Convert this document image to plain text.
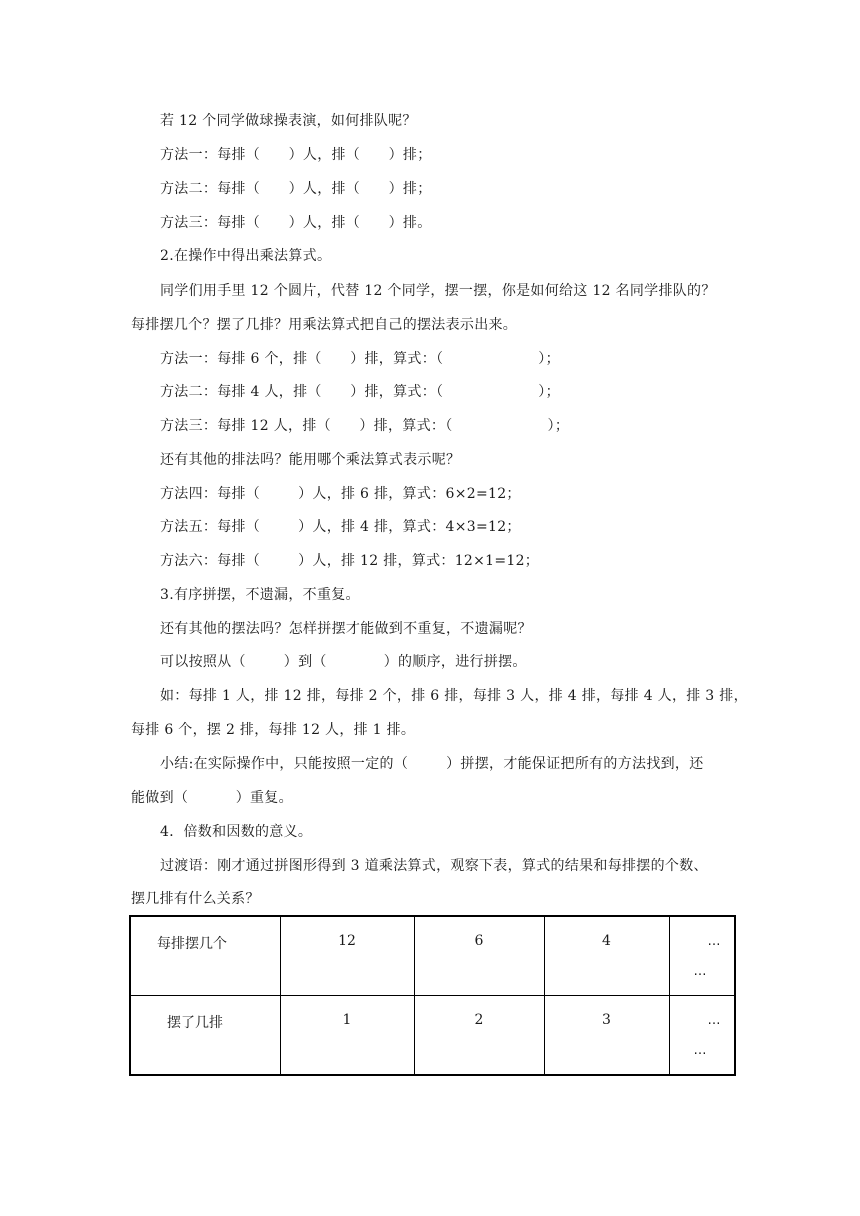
若 12 个同学做球操表演，如何排队呢？
方法一：每排（      ）人，排（      ）排；
方法二：每排（      ）人，排（      ）排；
方法三：每排（      ）人，排（      ）排。
2.在操作中得出乘法算式。
同学们用手里 12 个圆片，代替 12 个同学，摆一摆，你是如何给这 12 名同学排队的？
每排摆几个？摆了几排？用乘法算式把自己的摆法表示出来。
方法一：每排 6 个，排（      ）排，算式：（                    ）；
方法二：每排 4 人，排（      ）排，算式：（                    ）；
方法三：每排 12 人，排（      ）排，算式：（                    ）；
还有其他的排法吗？能用哪个乘法算式表示呢？
方法四：每排（        ）人，排 6 排，算式：6×2=12；
方法五：每排（        ）人，排 4 排，算式：4×3=12；
方法六：每排（        ）人，排 12 排，算式：12×1=12；
3.有序拼摆，不遗漏，不重复。
还有其他的摆法吗？怎样拼摆才能做到不重复，不遗漏呢？
可以按照从（        ）到（            ）的顺序，进行拼摆。
如：每排 1 人，排 12 排，每排 2 个，排 6 排，每排 3 人，排 4 排，每排 4 人，排 3 排，
每排 6 个，摆 2 排，每排 12 人，排 1 排。
小结:在实际操作中，只能按照一定的（        ）拼摆，才能保证把所有的方法找到，还
能做到（          ）重复。
4．倍数和因数的意义。
过渡语：刚才通过拼图形得到 3 道乘法算式，观察下表，算式的结果和每排摆的个数、
摆几排有什么关系？
每排摆几个	12	6	4	…
…

摆了几排	1	2	3	…
…
